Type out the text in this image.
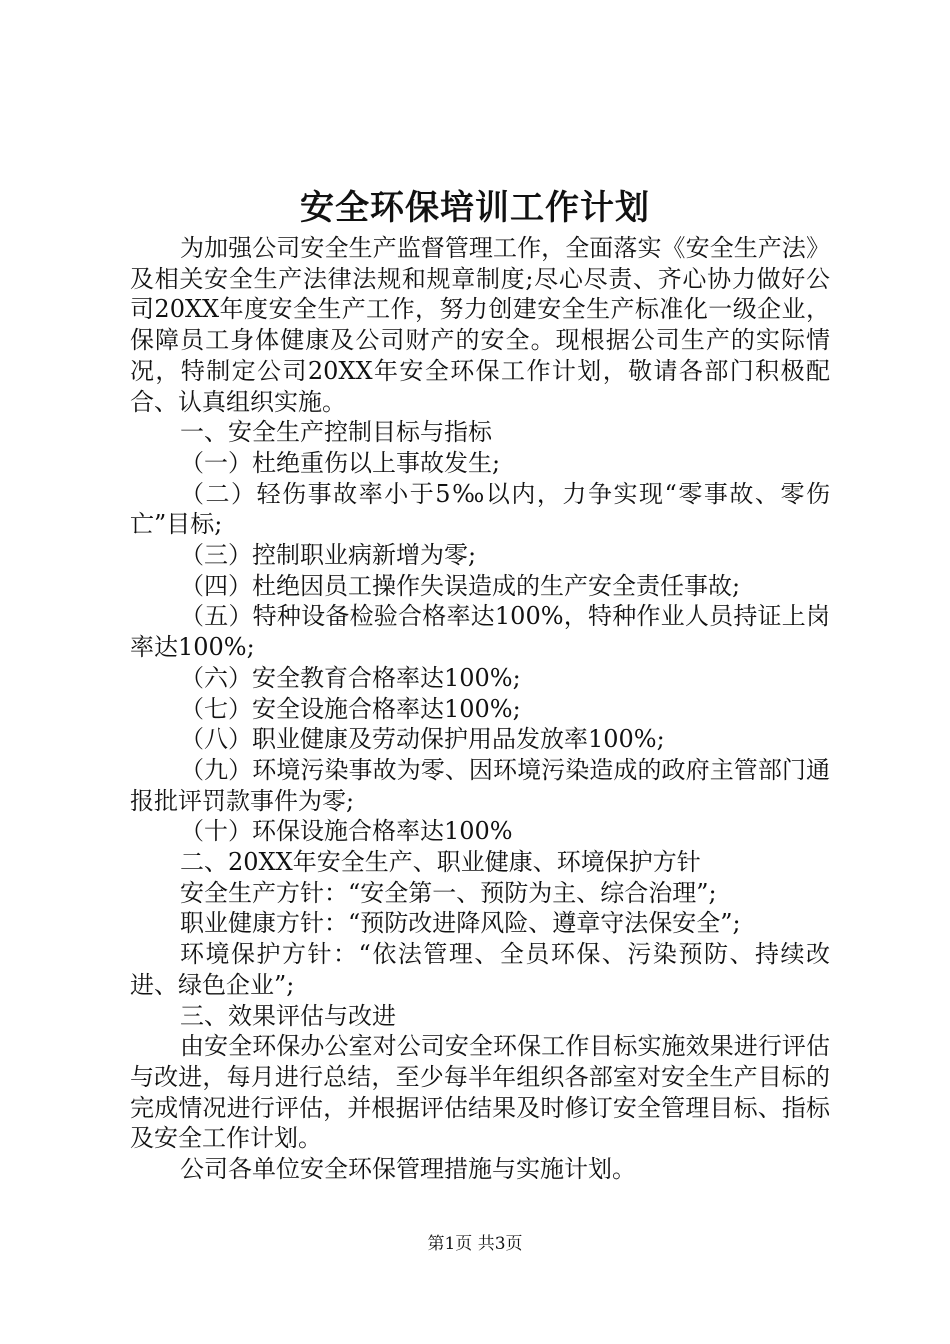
安全环保培训工作计划

为加强公司安全生产监督管理工作，全面落实《安全生产法》及相关安全生产法律法规和规章制度;尽心尽责、齐心协力做好公司20XX年度安全生产工作，努力创建安全生产标准化一级企业，保障员工身体健康及公司财产的安全。现根据公司生产的实际情况，特制定公司20XX年安全环保工作计划，敬请各部门积极配合、认真组织实施。

一、安全生产控制目标与指标

（一）杜绝重伤以上事故发生;

（二）轻伤事故率小于5‰以内，力争实现“零事故、零伤亡”目标;

（三）控制职业病新增为零;

（四）杜绝因员工操作失误造成的生产安全责任事故;

（五）特种设备检验合格率达100%，特种作业人员持证上岗率达100%;

（六）安全教育合格率达100%;

（七）安全设施合格率达100%;

（八）职业健康及劳动保护用品发放率100%;

（九）环境污染事故为零、因环境污染造成的政府主管部门通报批评罚款事件为零;

（十）环保设施合格率达100%

二、20XX年安全生产、职业健康、环境保护方针

安全生产方针：“安全第一、预防为主、综合治理”;

职业健康方针：“预防改进降风险、遵章守法保安全”;

环境保护方针：“依法管理、全员环保、污染预防、持续改进、绿色企业”;

三、效果评估与改进

由安全环保办公室对公司安全环保工作目标实施效果进行评估与改进，每月进行总结，至少每半年组织各部室对安全生产目标的完成情况进行评估，并根据评估结果及时修订安全管理目标、指标及安全工作计划。

公司各单位安全环保管理措施与实施计划。

第1页 共3页
